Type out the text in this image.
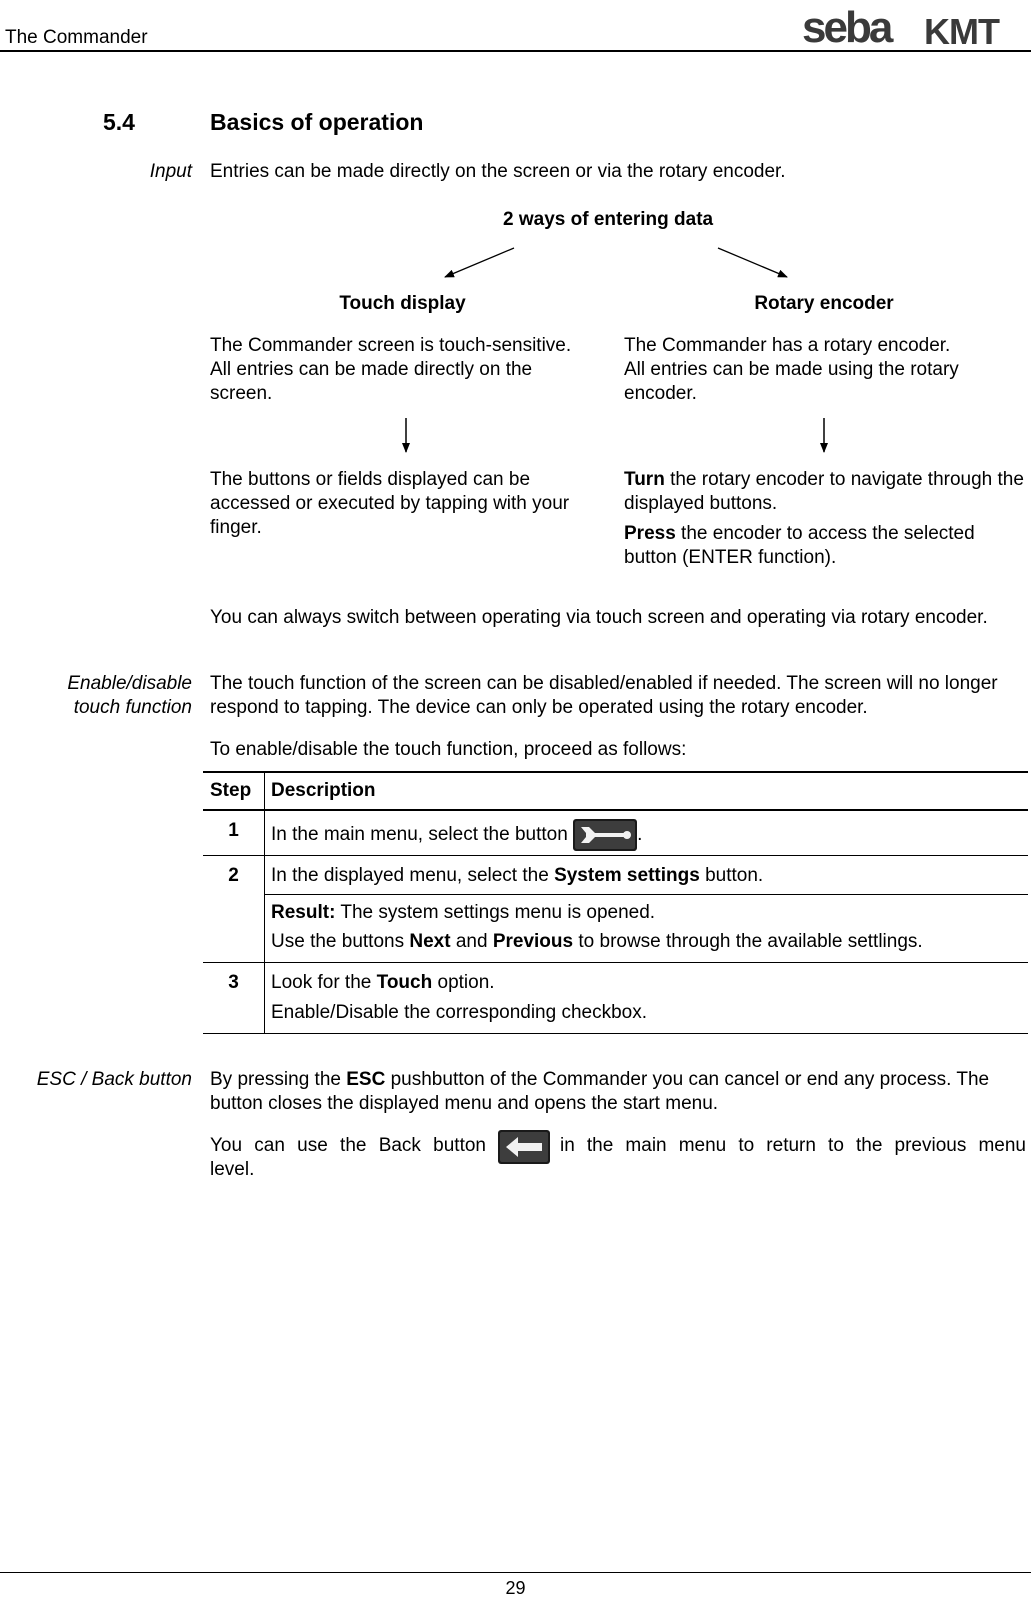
The Commander	seba KMT
5.4	Basics of operation
Input Entries can be made directly on the screen or via the rotary encoder.
2 ways of entering data
Touch display	Rotary encoder
The Commander screen is touch-sensitive. All entries can be made directly on the screen.
The Commander has a rotary encoder.
All entries can be made using the rotary encoder.
The buttons or fields displayed can be accessed or executed by tapping with your finger.
Turn the rotary encoder to navigate through the displayed buttons.
Press the encoder to access the selected button (ENTER function).
You can always switch between operating via touch screen and operating via rotary encoder.
Enable/disable
touch function
The touch function of the screen can be disabled/enabled if needed. The screen will no longer respond to tapping. The device can only be operated using the rotary encoder.
To enable/disable the touch function, proceed as follows:
Step	Description
1	In the main menu, select the button .
2	In the displayed menu, select the System settings button.

	Result: The system settings menu is opened.
Use the buttons Next and Previous to browse through the available settlings.

3	Look for the Touch option.
Enable/Disable the corresponding checkbox.
ESC / Back button By pressing the ESC pushbutton of the Commander you can cancel or end any process. The button closes the displayed menu and opens the start menu.
You can use the Back button	in the main menu to return to the previous menu
29
level.
